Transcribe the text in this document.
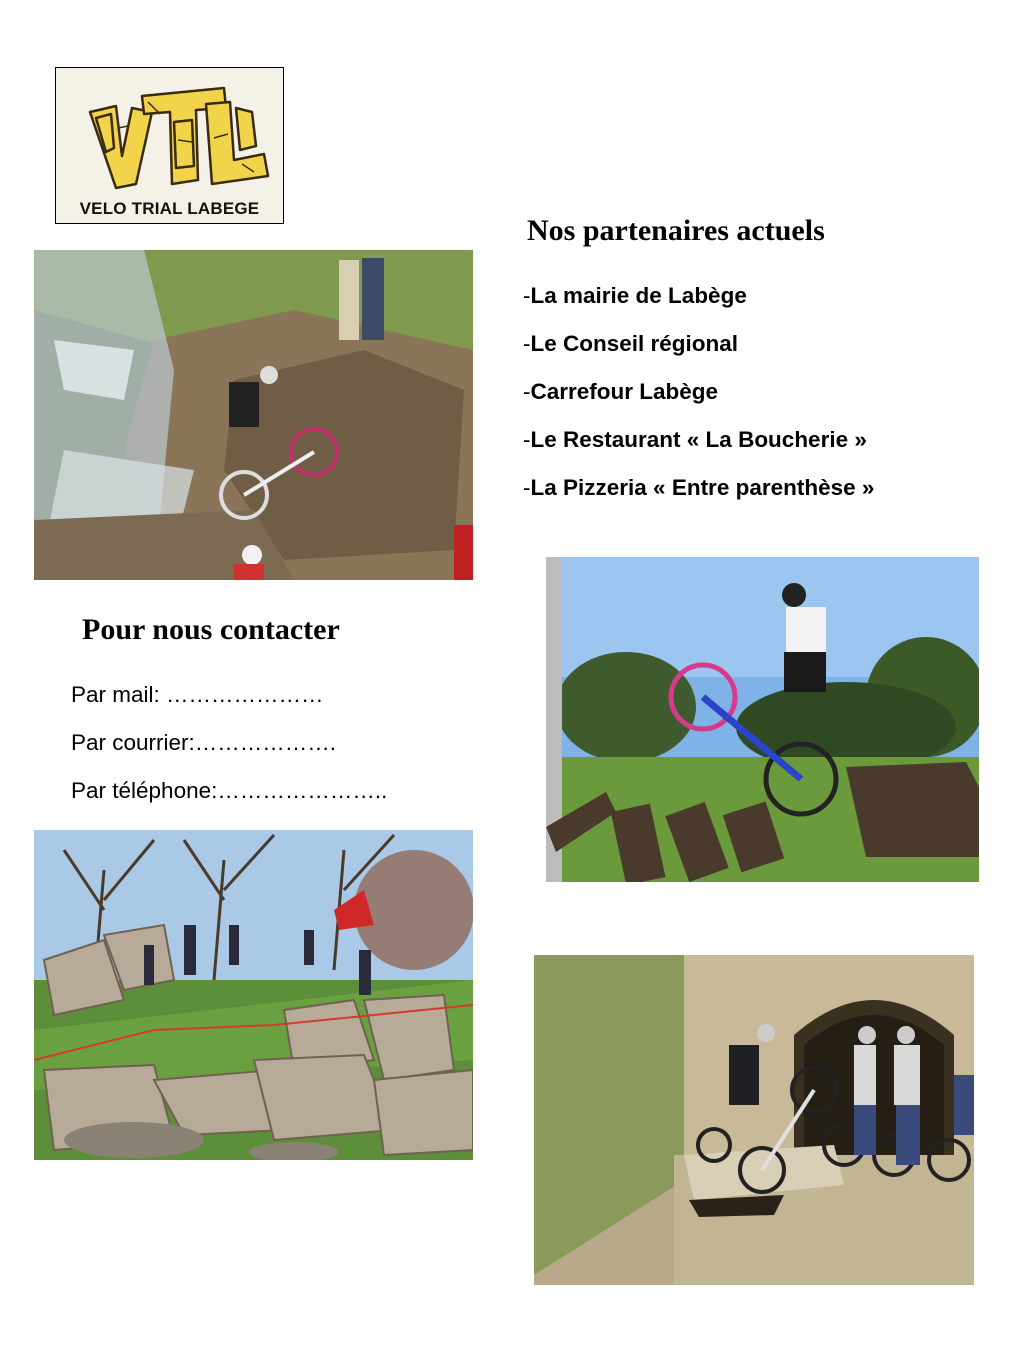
VELO TRIAL LABEGE
Nos partenaires actuels
-La mairie de Labège
-Le Conseil régional
-Carrefour Labège
-Le Restaurant « La Boucherie »
-La Pizzeria « Entre parenthèse »
Pour nous contacter
Par mail: …………………
Par courrier:……………….
Par téléphone:…………………..
